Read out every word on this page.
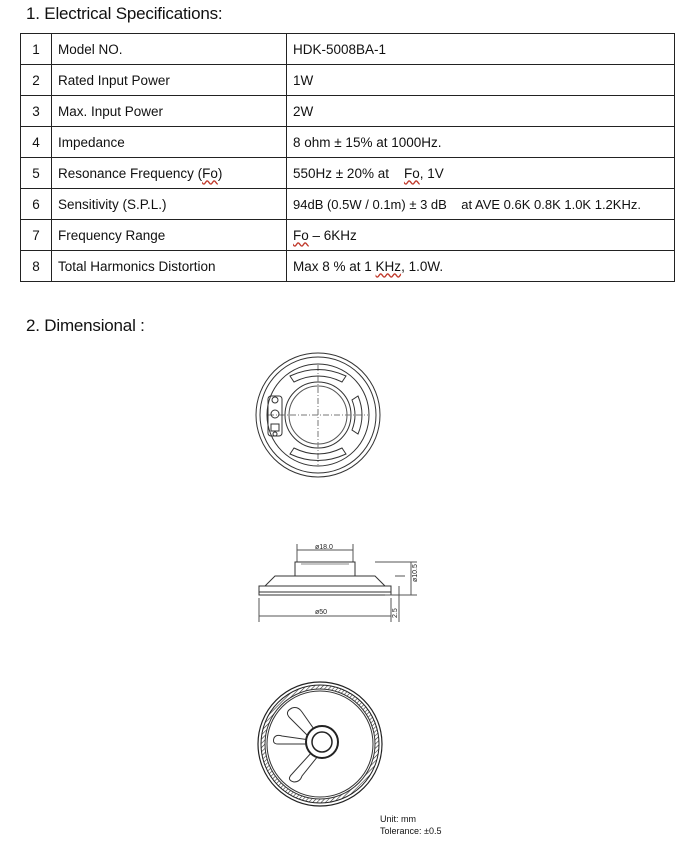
1. Electrical Specifications:
1	Model NO.	HDK-5008BA-1
2	Rated Input Power	1W
3	Max. Input Power	2W
4	Impedance	8 ohm ± 15% at 1000Hz.
5	Resonance Frequency (Fo)	550Hz ± 20% at    Fo, 1V
6	Sensitivity (S.P.L.)	94dB (0.5W / 0.1m) ± 3 dB    at AVE 0.6K 0.8K 1.0K 1.2KHz.
7	Frequency Range	Fo – 6KHz
8	Total Harmonics Distortion	Max 8 % at 1 KHz, 1.0W.
2. Dimensional :
ø18.0
ø50
ø10.5
2.5
Unit: mm
Tolerance: ±0.5
